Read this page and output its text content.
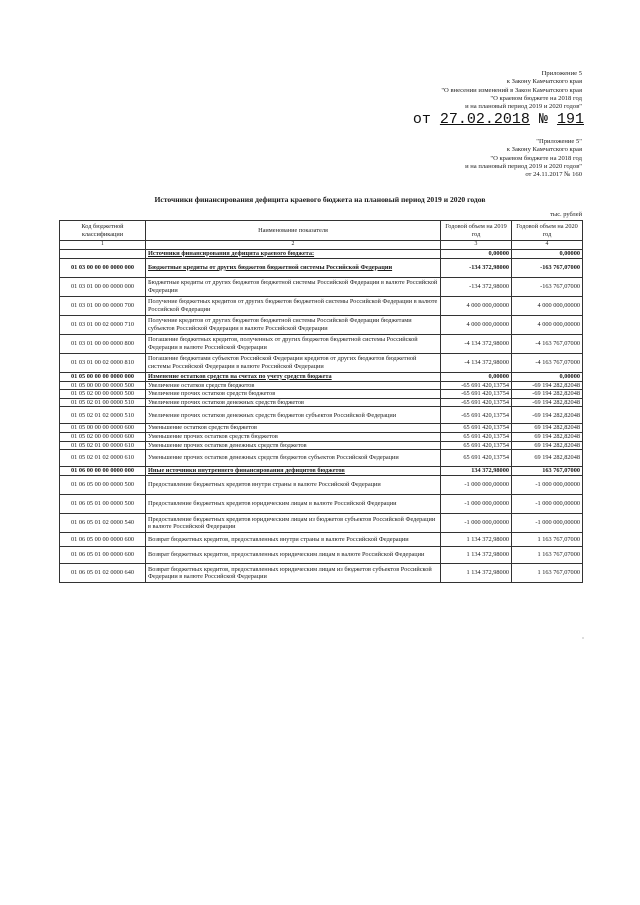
Приложение 5
к Закону Камчатского края
"О внесении изменений в Закон Камчатского края
"О краевом бюджете на 2018 год
и на плановый период 2019 и 2020 годов"
от 27.02.2018 № 191
"Приложение 5"
к Закону Камчатского края
"О краевом бюджете на 2018 год
и на плановый период 2019 и 2020 годов"
от 24.11.2017 № 160
Источники финансирования дефицита краевого бюджета на плановый период 2019 и 2020 годов
тыс. рублей
Код бюджетной классификации	Наименование показателя	Годовой объем на 2019 год	Годовой объем на 2020 год
1	2	3	4
	Источники финансирования дефицита краевого бюджета:	0,00000	0,00000
01 03 00 00 00 0000 000	Бюджетные кредиты от других бюджетов бюджетной системы Российской Федерации	-134 372,98000	-163 767,07000
01 03 01 00 00 0000 000	Бюджетные кредиты от других бюджетов бюджетной системы Российской Федерации в валюте Российской Федерации	-134 372,98000	-163 767,07000
01 03 01 00 00 0000 700	Получение бюджетных кредитов от других бюджетов бюджетной системы Российской Федерации в валюте Российской Федерации	4 000 000,00000	4 000 000,00000
01 03 01 00 02 0000 710	Получение кредитов от других бюджетов бюджетной системы Российской Федерации бюджетами субъектов Российской Федерации в валюте Российской Федерации	4 000 000,00000	4 000 000,00000
01 03 01 00 00 0000 800	Погашение бюджетных кредитов, полученных от других бюджетов бюджетной системы Российской Федерации в валюте Российской Федерации	-4 134 372,98000	-4 163 767,07000
01 03 01 00 02 0000 810	Погашение бюджетами субъектов Российской Федерации кредитов от других бюджетов бюджетной системы Российской Федерации в валюте Российской Федерации	-4 134 372,98000	-4 163 767,07000
01 05 00 00 00 0000 000	Изменение остатков средств на счетах по учету средств бюджета	0,00000	0,00000
01 05 00 00 00 0000 500	Увеличение остатков средств бюджетов	-65 691 420,13754	-69 194 282,82048
01 05 02 00 00 0000 500	Увеличение прочих остатков средств бюджетов	-65 691 420,13754	-69 194 282,82048
01 05 02 01 00 0000 510	Увеличение прочих остатков денежных средств бюджетов	-65 691 420,13754	-69 194 282,82048
01 05 02 01 02 0000 510	Увеличение прочих остатков денежных средств бюджетов субъектов Российской Федерации	-65 691 420,13754	-69 194 282,82048
01 05 00 00 00 0000 600	Уменьшение остатков средств бюджетов	65 691 420,13754	69 194 282,82048
01 05 02 00 00 0000 600	Уменьшение прочих остатков средств бюджетов	65 691 420,13754	69 194 282,82048
01 05 02 01 00 0000 610	Уменьшение прочих остатков денежных средств бюджетов	65 691 420,13754	69 194 282,82048
01 05 02 01 02 0000 610	Уменьшение прочих остатков денежных средств бюджетов субъектов Российской Федерации	65 691 420,13754	69 194 282,82048
01 06 00 00 00 0000 000	Иные источники внутреннего финансирования дефицитов бюджетов	134 372,98000	163 767,07000
01 06 05 00 00 0000 500	Предоставление бюджетных кредитов внутри страны в валюте Российской Федерации	-1 000 000,00000	-1 000 000,00000
01 06 05 01 00 0000 500	Предоставление бюджетных кредитов юридическим лицам в валюте Российской Федерации	-1 000 000,00000	-1 000 000,00000
01 06 05 01 02 0000 540	Предоставление бюджетных кредитов юридическим лицам из бюджетов субъектов Российской Федерации в валюте Российской Федерации	-1 000 000,00000	-1 000 000,00000
01 06 05 00 00 0000 600	Возврат бюджетных кредитов, предоставленных внутри страны в валюте Российской Федерации	1 134 372,98000	1 163 767,07000
01 06 05 01 00 0000 600	Возврат бюджетных кредитов, предоставленных юридическим лицам в валюте Российской Федерации	1 134 372,98000	1 163 767,07000
01 06 05 01 02 0000 640	Возврат бюджетных кредитов, предоставленных юридическим лицам из бюджетов субъектов Российской Федерации в валюте Российской Федерации	1 134 372,98000	1 163 767,07000
"
